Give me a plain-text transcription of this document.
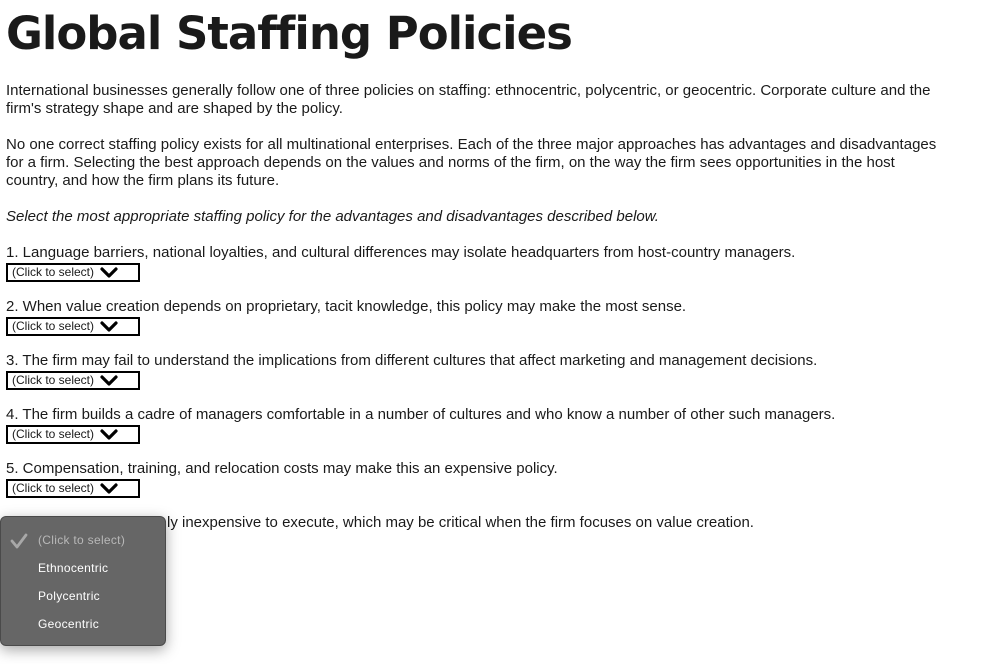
Global Staffing Policies

International businesses generally follow one of three policies on staffing: ethnocentric, polycentric, or geocentric. Corporate culture and the firm's strategy shape and are shaped by the policy.

No one correct staffing policy exists for all multinational enterprises. Each of the three major approaches has advantages and disadvantages for a firm. Selecting the best approach depends on the values and norms of the firm, on the way the firm sees opportunities in the host country, and how the firm plans its future.

Select the most appropriate staffing policy for the advantages and disadvantages described below.

1. Language barriers, national loyalties, and cultural differences may isolate headquarters from host-country managers.

(Click to select)

2. When value creation depends on proprietary, tacit knowledge, this policy may make the most sense.

(Click to select)

3. The firm may fail to understand the implications from different cultures that affect marketing and management decisions.

(Click to select)

4. The firm builds a cadre of managers comfortable in a number of cultures and who know a number of other such managers.

(Click to select)

5. Compensation, training, and relocation costs may make this an expensive policy.

(Click to select)

ly inexpensive to execute, which may be critical when the firm focuses on value creation.

(Click to select)
Ethnocentric
Polycentric
Geocentric
